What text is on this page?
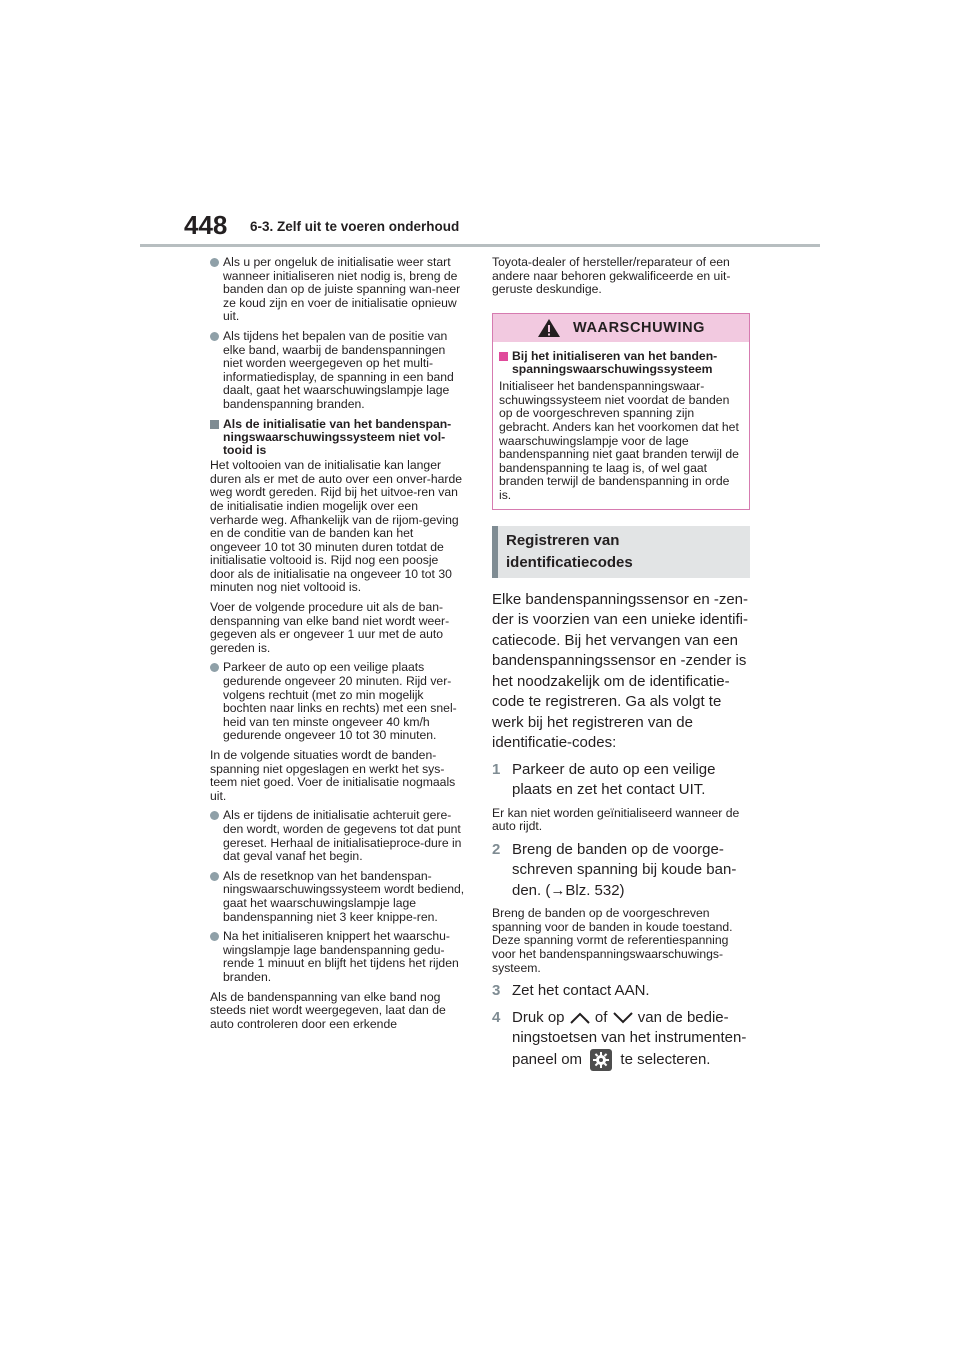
448 6-3. Zelf uit te voeren onderhoud
Als u per ongeluk de initialisatie weer start wanneer initialiseren niet nodig is, breng de banden dan op de juiste spanning wan-neer ze koud zijn en voer de initialisatie opnieuw uit.
Als tijdens het bepalen van de positie van elke band, waarbij de bandenspanningen niet worden weergegeven op het multi-informatiedisplay, de spanning in een band daalt, gaat het waarschuwingslampje lage bandenspanning branden.
Als de initialisatie van het bandenspan-ningswaarschuwingssysteem niet vol-tooid is

Het voltooien van de initialisatie kan langer duren als er met de auto over een onver-harde weg wordt gereden. Rijd bij het uitvoe-ren van de initialisatie indien mogelijk over een verharde weg. Afhankelijk van de rijom-geving en de conditie van de banden kan het ongeveer 10 tot 30 minuten duren totdat de initialisatie voltooid is. Rijd nog een poosje door als de initialisatie na ongeveer 10 tot 30 minuten nog niet voltooid is.

Voer de volgende procedure uit als de ban-denspanning van elke band niet wordt weer-gegeven als er ongeveer 1 uur met de auto gereden is.

Parkeer de auto op een veilige plaats gedurende ongeveer 20 minuten. Rijd ver-volgens rechtuit (met zo min mogelijk bochten naar links en rechts) met een snel-heid van ten minste ongeveer 40 km/h gedurende ongeveer 10 tot 30 minuten.

In de volgende situaties wordt de banden-spanning niet opgeslagen en werkt het sys-teem niet goed. Voer de initialisatie nogmaals uit.

Als er tijdens de initialisatie achteruit gere-den wordt, worden de gegevens tot dat punt gereset. Herhaal de initialisatieproce-dure in dat geval vanaf het begin.
Als de resetknop van het bandenspan-ningswaarschuwingssysteem wordt bediend, gaat het waarschuwingslampje lage bandenspanning niet 3 keer knippe-ren.
Na het initialiseren knippert het waarschu-wingslampje lage bandenspanning gedu-rende 1 minuut en blijft het tijdens het rijden branden.

Als de bandenspanning van elke band nog steeds niet wordt weergegeven, laat dan de auto controleren door een erkende

Toyota-dealer of hersteller/reparateur of een andere naar behoren gekwalificeerde en uit-geruste deskundige.

WAARSCHUWING
Bij het initialiseren van het banden-spanningswaarschuwingssysteem

Initialiseer het bandenspanningswaar-schuwingssysteem niet voordat de banden op de voorgeschreven spanning zijn gebracht. Anders kan het voorkomen dat het waarschuwingslampje voor de lage bandenspanning niet gaat branden terwijl de bandenspanning te laag is, of wel gaat branden terwijl de bandenspanning in orde is.

Registreren van
identificatiecodes

Elke bandenspanningssensor en -zen-der is voorzien van een unieke identifi-catiecode. Bij het vervangen van een bandenspanningssensor en -zender is het noodzakelijk om de identificatie-code te registreren. Ga als volgt te werk bij het registreren van de identificatie-codes:

1 Parkeer de auto op een veilige plaats en zet het contact UIT.

Er kan niet worden geïnitialiseerd wanneer de auto rijdt.

2 Breng de banden op de voorge-schreven spanning bij koude ban-den. (→Blz. 532)

Breng de banden op de voorgeschreven spanning voor de banden in koude toestand. Deze spanning vormt de referentiespanning voor het bandenspanningswaarschuwings-systeem.

3 Zet het contact AAN.
4 Druk op of van de bedie-ningstoetsen van het instrumenten-paneel om	te selecteren.
